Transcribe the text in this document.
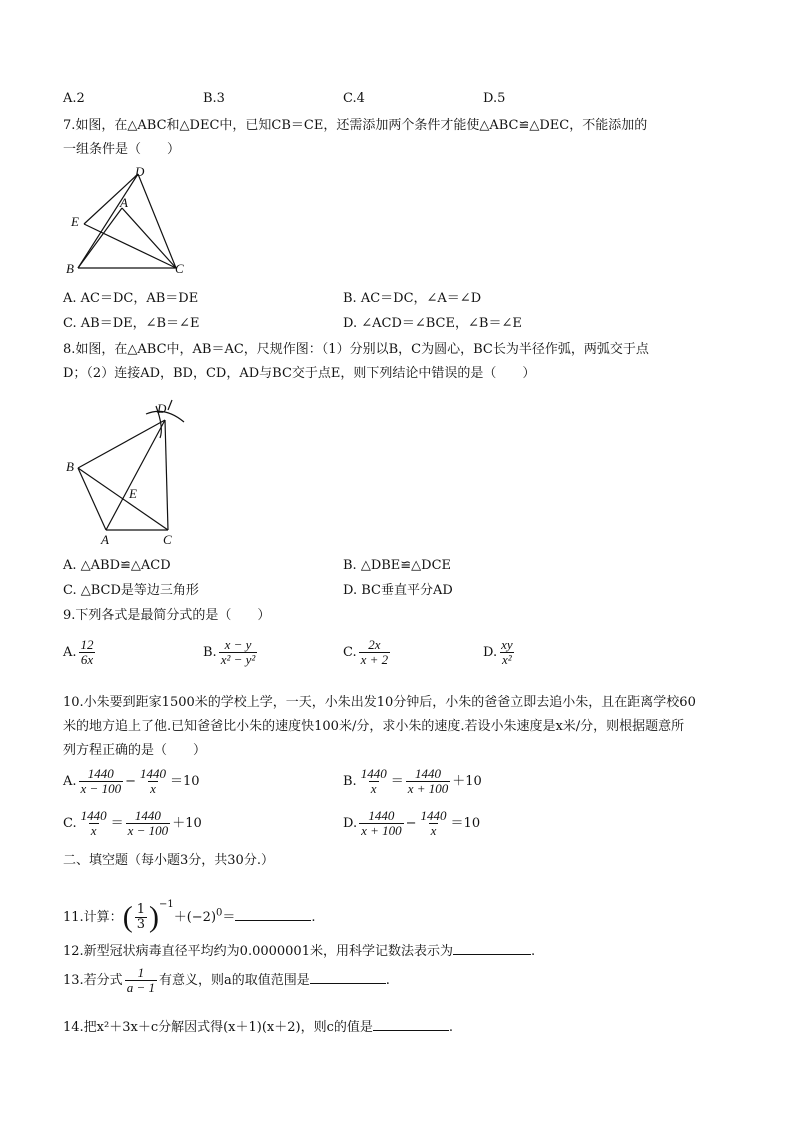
A.2	B.3	C.4	D.5
7.如图，在△ABC和△DEC中，已知CB＝CE，还需添加两个条件才能使△ABC≌△DEC，不能添加的
一组条件是（　　）
D
A
E
B	C
A. AC＝DC，AB＝DE	B. AC＝DC，∠A＝∠D
C. AB＝DE，∠B＝∠E	D. ∠ACD＝∠BCE，∠B＝∠E
8.如图，在△ABC中，AB＝AC，尺规作图：（1）分别以B，C为圆心，BC长为半径作弧，两弧交于点
D；（2）连接AD，BD，CD，AD与BC交于点E，则下列结论中错误的是（　　）
D
B
E
A	C
A. △ABD≌△ACD	B. △DBE≌△DCE
C. △BCD是等边三角形	D. BC垂直平分AD
9.下列各式是最简分式的是（　　）
A. $\frac{12}{6x}$	B. $\frac{x - y}{\text{x² − y²}}$	C. $\frac{2x}{x + 2}$	D. $\frac{xy}{\text{x²}}$
10.小朱要到距家1500米的学校上学，一天，小朱出发10分钟后，小朱的爸爸立即去追小朱，且在距离学校60
米的地方追上了他.已知爸爸比小朱的速度快100米/分，求小朱的速度.若设小朱速度是x米/分，则根据题意所
列方程正确的是（　　）
A. $\frac{1440}{x - 100} - \frac{1440}{x} =10$	B. $\frac{1440}{x} = \frac{1440}{x + 100} +10$
C. $\frac{1440}{x} = \frac{1440}{x - 100} +10$	D. $\frac{1440}{x + 100} - \frac{1440}{x} =10$
二、填空题（每小题3分，共30分.）
11.计算：( $\frac{1}{3} )^{-1}+(-2)^0=$	.
12.新型冠状病毒直径平均约为0.0000001米，用科学记数法表示为	.
13.若分式 $\frac{1}{a - 1}$ 有意义，则a的取值范围是	.
14.把x²＋3x＋c分解因式得(x＋1)(x＋2)，则c的值是	.
